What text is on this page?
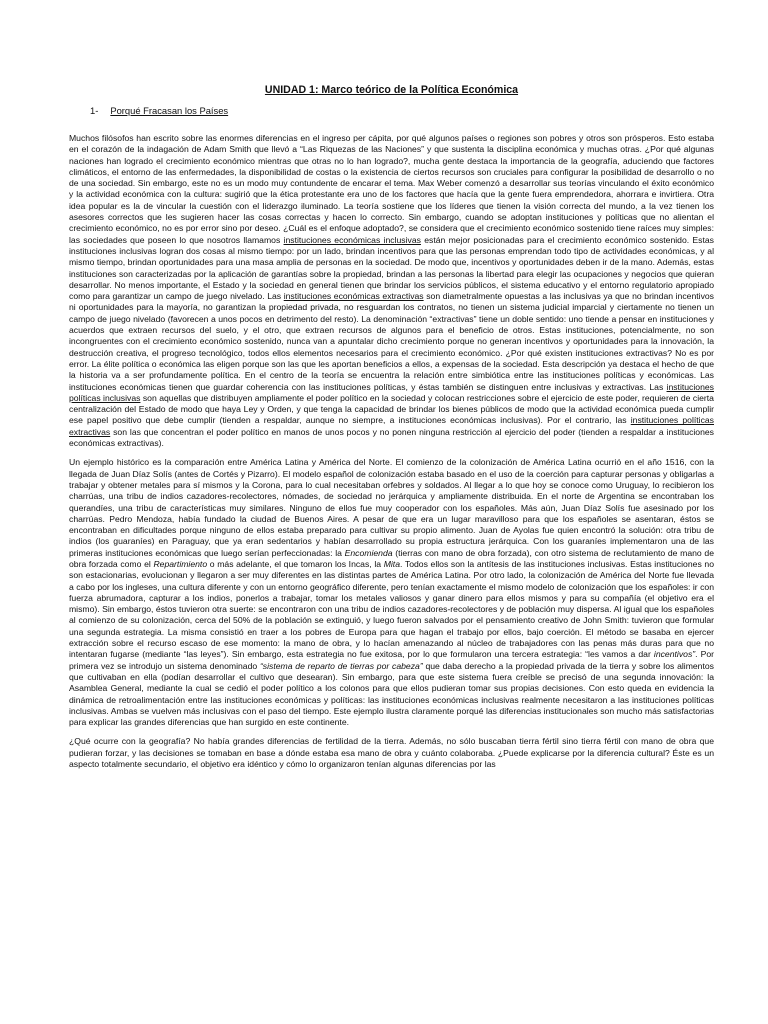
UNIDAD 1: Marco teórico de la Política Económica
1- Porqué Fracasan los Países

Muchos filósofos han escrito sobre las enormes diferencias en el ingreso per cápita, por qué algunos países o regiones son pobres y otros son prósperos. Esto estaba en el corazón de la indagación de Adam Smith que llevó a “Las Riquezas de las Naciones” y que sustenta la disciplina económica y muchas otras. ¿Por qué algunas naciones han logrado el crecimiento económico mientras que otras no lo han logrado?, mucha gente destaca la importancia de la geografía, aduciendo que factores climáticos, el entorno de las enfermedades, la disponibilidad de costas o la existencia de ciertos recursos son cruciales para configurar la posibilidad de desarrollo o no de una sociedad. Sin embargo, este no es un modo muy contundente de encarar el tema. Max Weber comenzó a desarrollar sus teorías vinculando el éxito económico y la actividad económica con la cultura: sugirió que la ética protestante era uno de los factores que hacía que la gente fuera emprendedora, ahorrara e invirtiera. Otra idea popular es la de vincular la cuestión con el liderazgo iluminado. La teoría sostiene que los líderes que tienen la visión correcta del mundo, a la vez tienen los asesores correctos que les sugieren hacer las cosas correctas y hacen lo correcto. Sin embargo, cuando se adoptan instituciones y políticas que no alientan el crecimiento económico, no es por error sino por deseo. ¿Cuál es el enfoque adoptado?, se considera que el crecimiento económico sostenido tiene raíces muy simples: las sociedades que poseen lo que nosotros llamamos instituciones económicas inclusivas están mejor posicionadas para el crecimiento económico sostenido. Estas instituciones inclusivas logran dos cosas al mismo tiempo: por un lado, brindan incentivos para que las personas emprendan todo tipo de actividades económicas, y al mismo tiempo, brindan oportunidades para una masa amplia de personas en la sociedad. De modo que, incentivos y oportunidades deben ir de la mano. Además, estas instituciones son caracterizadas por la aplicación de garantías sobre la propiedad, brindan a las personas la libertad para elegir las ocupaciones y negocios que quieran desarrollar. No menos importante, el Estado y la sociedad en general tienen que brindar los servicios públicos, el sistema educativo y el entorno regulatorio apropiado como para garantizar un campo de juego nivelado. Las instituciones económicas extractivas son diametralmente opuestas a las inclusivas ya que no brindan incentivos ni oportunidades para la mayoría, no garantizan la propiedad privada, no resguardan los contratos, no tienen un sistema judicial imparcial y ciertamente no tienen un campo de juego nivelado (favorecen a unos pocos en detrimento del resto). La denominación “extractivas” tiene un doble sentido: uno tiende a pensar en instituciones y acuerdos que extraen recursos del suelo, y el otro, que extraen recursos de algunos para el beneficio de otros. Estas instituciones, potencialmente, no son incongruentes con el crecimiento económico sostenido, nunca van a apuntalar dicho crecimiento porque no generan incentivos y oportunidades para la innovación, la destrucción creativa, el progreso tecnológico, todos ellos elementos necesarios para el crecimiento económico. ¿Por qué existen instituciones extractivas? No es por error. La élite política o económica las eligen porque son las que les aportan beneficios a ellos, a expensas de la sociedad. Esta descripción ya destaca el hecho de que la historia va a ser profundamente política. En el centro de la teoría se encuentra la relación entre simbiótica entre las instituciones políticas y económicas. Las instituciones económicas tienen que guardar coherencia con las instituciones políticas, y éstas también se distinguen entre inclusivas y extractivas. Las instituciones políticas inclusivas son aquellas que distribuyen ampliamente el poder político en la sociedad y colocan restricciones sobre el ejercicio de este poder, requieren de cierta centralización del Estado de modo que haya Ley y Orden, y que tenga la capacidad de brindar los bienes públicos de modo que la actividad económica pueda cumplir ese papel positivo que debe cumplir (tienden a respaldar, aunque no siempre, a instituciones económicas inclusivas). Por el contrario, las instituciones políticas extractivas son las que concentran el poder político en manos de unos pocos y no ponen ninguna restricción al ejercicio del poder (tienden a respaldar a instituciones económicas extractivas).

Un ejemplo histórico es la comparación entre América Latina y América del Norte. El comienzo de la colonización de América Latina ocurrió en el año 1516, con la llegada de Juan Díaz Solís (antes de Cortés y Pizarro). El modelo español de colonización estaba basado en el uso de la coerción para capturar personas y obligarlas a trabajar y obtener metales para sí mismos y la Corona, para lo cual necesitaban orfebres y soldados. Al llegar a lo que hoy se conoce como Uruguay, lo recibieron los charrúas, una tribu de indios cazadores-recolectores, nómades, de sociedad no jerárquica y ampliamente distribuida. En el norte de Argentina se encontraban los querandíes, una tribu de características muy similares. Ninguno de ellos fue muy cooperador con los españoles. Más aún, Juan Díaz Solís fue asesinado por los charrúas. Pedro Mendoza, había fundado la ciudad de Buenos Aires. A pesar de que era un lugar maravilloso para que los españoles se asentaran, éstos se encontraban en dificultades porque ninguno de ellos estaba preparado para cultivar su propio alimento. Juan de Ayolas fue quien encontró la solución: otra tribu de indios (los guaraníes) en Paraguay, que ya eran sedentarios y habían desarrollado su propia estructura jerárquica. Con los guaraníes implementaron una de las primeras instituciones económicas que luego serían perfeccionadas: la Encomienda (tierras con mano de obra forzada), con otro sistema de reclutamiento de mano de obra forzada como el Repartimiento o más adelante, el que tomaron los Incas, la Mita. Todos ellos son la antítesis de las instituciones inclusivas. Estas instituciones no son estacionarias, evolucionan y llegaron a ser muy diferentes en las distintas partes de América Latina. Por otro lado, la colonización de América del Norte fue llevada a cabo por los ingleses, una cultura diferente y con un entorno geográfico diferente, pero tenían exactamente el mismo modelo de colonización que los españoles: ir con fuerza abrumadora, capturar a los indios, ponerlos a trabajar, tomar los metales valiosos y ganar dinero para ellos mismos y para su compañía (el objetivo era el mismo). Sin embargo, éstos tuvieron otra suerte: se encontraron con una tribu de indios cazadores-recolectores y de población muy dispersa. Al igual que los españoles al comienzo de su colonización, cerca del 50% de la población se extinguió, y luego fueron salvados por el pensamiento creativo de John Smith: tuvieron que formular una segunda estrategia. La misma consistió en traer a los pobres de Europa para que hagan el trabajo por ellos, bajo coerción. El método se basaba en ejercer extracción sobre el recurso escaso de ese momento: la mano de obra, y lo hacían amenazando al núcleo de trabajadores con las penas más duras para que no intentaran fugarse (mediante “las leyes”). Sin embargo, esta estrategia no fue exitosa, por lo que formularon una tercera estrategia: “les vamos a dar incentivos”. Por primera vez se introdujo un sistema denominado “sistema de reparto de tierras por cabeza” que daba derecho a la propiedad privada de la tierra y sobre los alimentos que cultivaban en ella (podían desarrollar el cultivo que desearan). Sin embargo, para que este sistema fuera creíble se precisó de una segunda innovación: la Asamblea General, mediante la cual se cedió el poder político a los colonos para que ellos pudieran tomar sus propias decisiones. Con esto queda en evidencia la dinámica de retroalimentación entre las instituciones económicas y políticas: las instituciones económicas inclusivas realmente necesitaron a las instituciones políticas inclusivas. Ambas se vuelven más inclusivas con el paso del tiempo. Este ejemplo ilustra claramente porqué las diferencias institucionales son mucho más satisfactorias para explicar las grandes diferencias que han surgido en este continente.

¿Qué ocurre con la geografía? No había grandes diferencias de fertilidad de la tierra. Además, no sólo buscaban tierra fértil sino tierra fértil con mano de obra que pudieran forzar, y las decisiones se tomaban en base a dónde estaba esa mano de obra y cuánto colaboraba. ¿Puede explicarse por la diferencia cultural? Éste es un aspecto totalmente secundario, el objetivo era idéntico y cómo lo organizaron tenían algunas diferencias por las
